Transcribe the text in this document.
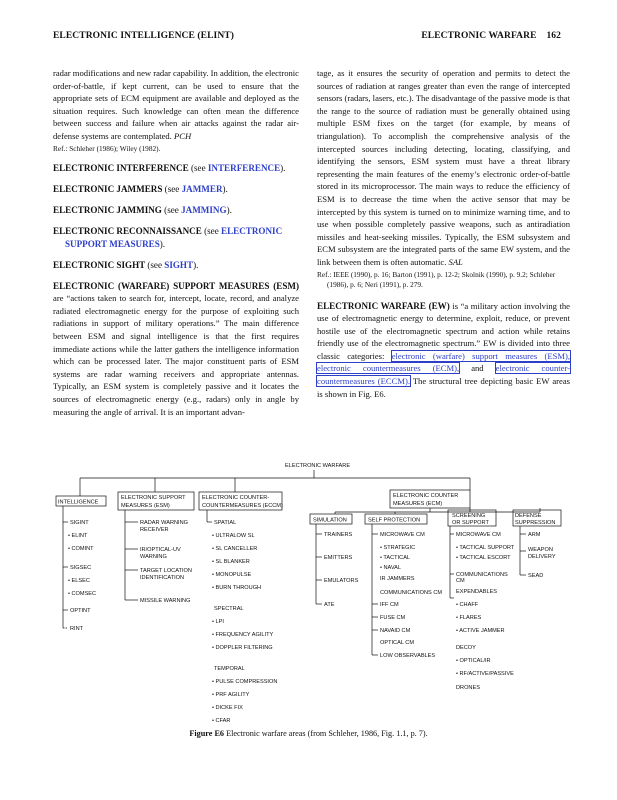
ELECTRONIC INTELLIGENCE (ELINT)	ELECTRONIC WARFARE 162

radar modifications and new radar capability. In addition, the electronic order-of-battle, if kept current, can be used to ensure that the appropriate sets of ECM equipment are available and deployed as the situation requires. Such knowledge can often mean the difference between success and failure when air attacks against the radar air-defense systems are contemplated. PCH

Ref.: Schleher (1986); Wiley (1982).

ELECTRONIC INTERFERENCE (see INTERFERENCE).

ELECTRONIC JAMMERS (see JAMMER).

ELECTRONIC JAMMING (see JAMMING).

ELECTRONIC RECONNAISSANCE (see ELECTRONIC SUPPORT MEASURES).

ELECTRONIC SIGHT (see SIGHT).

ELECTRONIC (WARFARE) SUPPORT MEASURES (ESM) are “actions taken to search for, intercept, locate, record, and analyze radiated electromagnetic energy for the purpose of exploiting such radiations in support of military operations.” The main difference between ESM and signal intelligence is that the first requires immediate actions while the latter gathers the intelligence information which can be processed later. The major constituent parts of ESM systems are radar warning receivers and appropriate antennas. Typically, an ESM system is completely passive and it locates the sources of electromagnetic energy (e.g., radars) only in angle by measuring the angle of arrival. It is an important advan-

tage, as it ensures the security of operation and permits to detect the sources of radiation at ranges greater than even the range of intercepted sensors (radars, lasers, etc.). The disadvantage of the passive mode is that the range to the source of radiation must be generally obtained using multiple ESM fixes on the target (for example, by means of triangulation). To accomplish the comprehensive analysis of the intercepted sources including detecting, locating, classifying, and identifying the sensors, ESM system must have a threat library representing the main features of the enemy’s electronic order-of-battle stored in its microprocessor. The main ways to reduce the efficiency of ESM is to decrease the time when the active sensor that may be intercepted by this system is turned on to minimize warning time, and to use when possible completely passive weapons, such as antiradiation missiles and heat-seeking missiles. Typically, the ESM subsystem and ECM subsystem are the integrated parts of the same EW system, and the link between them is often automatic. SAL

Ref.: IEEE (1990), p. 16; Barton (1991), p. 12-2; Skolnik (1990), p. 9.2; Schleher (1986), p. 6; Neri (1991), p. 279.

ELECTRONIC WARFARE (EW) is “a military action involving the use of electromagnetic energy to determine, exploit, reduce, or prevent hostile use of the electromagnetic spectrum and action while retains friendly use of the electromagnetic spectrum.” EW is divided into three classic categories: electronic (warfare) support measures (ESM), electronic countermeasures (ECM), and electronic counter-countermeasures (ECCM). The structural tree depicting basic EW areas is shown in Fig. E6.

ELECTRONIC WARFARE
INTELLIGENCE
ELECTRONIC SUPPORT
MEASURES (ESM)
ELECTRONIC COUNTER-
COUNTERMEASURES (ECCM)
ELECTRONIC COUNTER
MEASURES (ECM)
SIGINT
• ELINT
• COMINT
SIGSEC
• ELSEC
• COMSEC
OPTINT
RINT
RADAR WARNING
RECEIVER
IR/OPTICAL-UV
WARNING
TARGET LOCATION
IDENTIFICATION
MISSILE WARNING
SPATIAL
• ULTRALOW SL
• SL CANCELLER
• SL BLANKER
• MONOPULSE
• BURN THROUGH
SPECTRAL
• LPI
• FREQUENCY AGILITY
• DOPPLER FILTERING
TEMPORAL
• PULSE COMPRESSION
• PRF AGILITY
• DICKE FIX
• CFAR
SIMULATION
TRAINERS
EMITTERS
EMULATORS
ATE
SELF PROTECTION
MICROWAVE CM
• STRATEGIC
• TACTICAL
• NAVAL
IR JAMMERS
COMMUNICATIONS CM
IFF CM
FUSE CM
NAVAID CM
OPTICAL CM
LOW OBSERVABLES
SCREENING
OR SUPPORT
MICROWAVE CM
• TACTICAL SUPPORT
• TACTICAL ESCORT
COMMUNICATIONS
CM
EXPENDABLES
• CHAFF
• FLARES
• ACTIVE JAMMER
DECOY
• OPTICAL/IR
• RF/ACTIVE/PASSIVE
DRONES
DEFENSE
SUPPRESSION
ARM
WEAPON
DELIVERY
SEAD
Figure E6 Electronic warfare areas (from Schleher, 1986, Fig. 1.1, p. 7).
